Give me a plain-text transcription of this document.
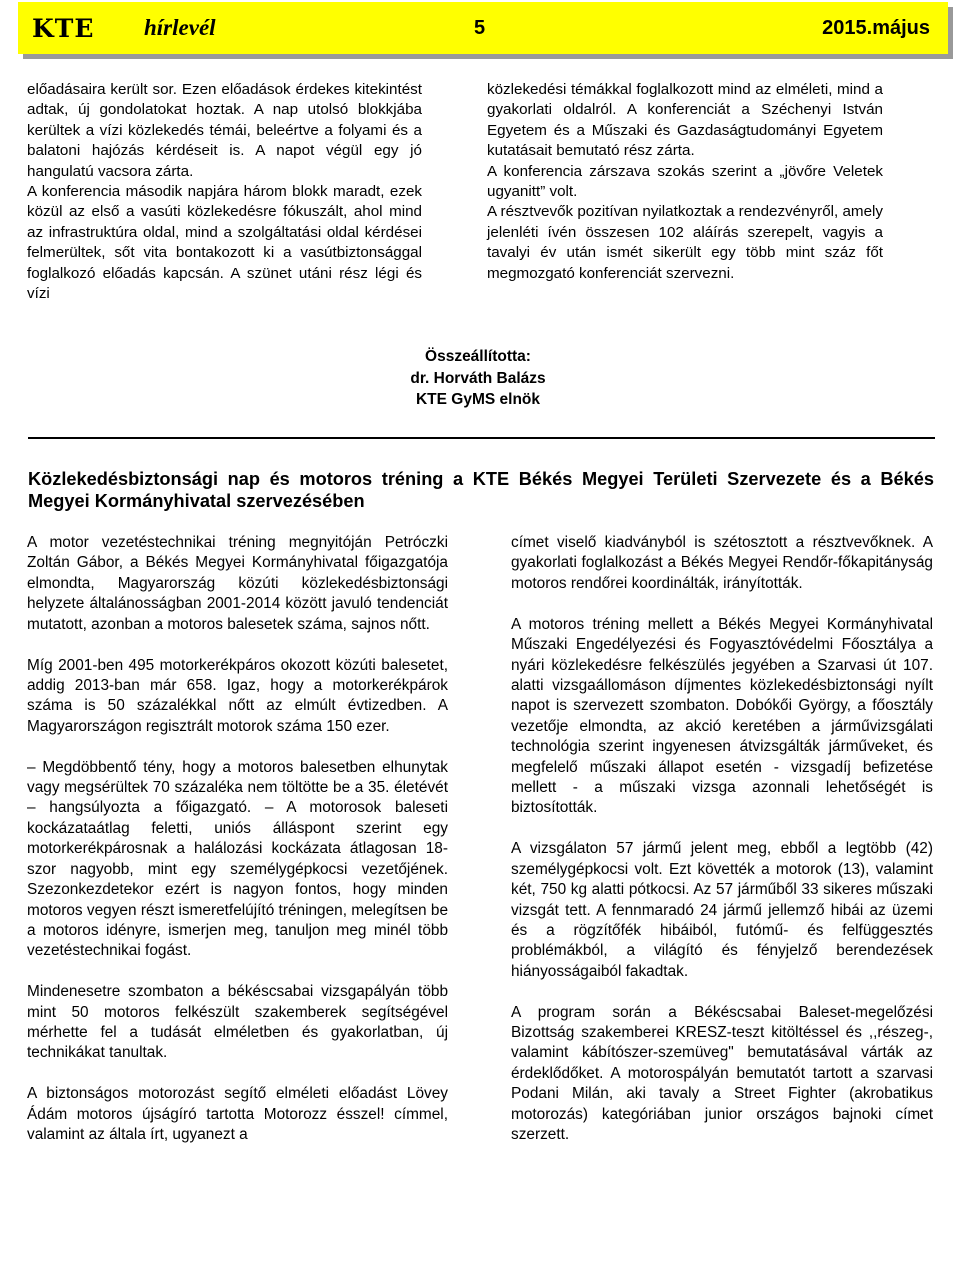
KTE hírlevél	5	2015.május

előadásaira került sor. Ezen előadások érdekes kitekintést adtak, új gondolatokat hoztak. A nap utolsó blokkjába kerültek a vízi közlekedés témái, beleértve a folyami és a balatoni hajózás kérdéseit is. A napot végül egy jó hangulatú vacsora zárta.

A konferencia második napjára három blokk maradt, ezek közül az első a vasúti közlekedésre fókuszált, ahol mind az infrastruktúra oldal, mind a szolgáltatási oldal kérdései felmerültek, sőt vita bontakozott ki a vasútbiztonsággal foglalkozó előadás kapcsán. A szünet utáni rész légi és vízi

közlekedési témákkal foglalkozott mind az elméleti, mind a gyakorlati oldalról. A konferenciát a Széchenyi István Egyetem és a Műszaki és Gazdaságtudományi Egyetem kutatásait bemutató rész zárta.

A konferencia zárszava szokás szerint a „jövőre Veletek ugyanitt” volt.

A résztvevők pozitívan nyilatkoztak a rendezvényről, amely jelenléti ívén összesen 102 aláírás szerepelt, vagyis a tavalyi év után ismét sikerült egy több mint száz főt megmozgató konferenciát szervezni.

Összeállította:
dr. Horváth Balázs
KTE GyMS elnök
Közlekedésbiztonsági nap és motoros tréning a KTE Békés Megyei Területi Szervezete és a Békés Megyei Kormányhivatal szervezésében

A motor vezetéstechnikai tréning megnyitóján Petróczki Zoltán Gábor, a Békés Megyei Kormányhivatal főigazgatója elmondta, Magyarország közúti közlekedésbiztonsági helyzete általánosságban 2001-2014 között javuló tendenciát mutatott, azonban a motoros balesetek száma, sajnos nőtt.

Míg 2001-ben 495 motorkerékpáros okozott közúti balesetet, addig 2013-ban már 658. Igaz, hogy a motorkerékpárok száma is 50 százalékkal nőtt az elmúlt évtizedben. A Magyarországon regisztrált motorok száma 150 ezer.

– Megdöbbentő tény, hogy a motoros balesetben elhunytak vagy megsérültek 70 százaléka nem töltötte be a 35. életévét – hangsúlyozta a főigazgató. – A motorosok baleseti kockázataátlag feletti, uniós álláspont szerint egy motorkerékpárosnak a halálozási kockázata átlagosan 18-szor nagyobb, mint egy személygépkocsi vezetőjének. Szezonkezdetekor ezért is nagyon fontos, hogy minden motoros vegyen részt ismeretfelújító tréningen, melegítsen be a motoros idényre, ismerjen meg, tanuljon meg minél több vezetéstechnikai fogást.

Mindenesetre szombaton a békéscsabai vizsgapályán több mint 50 motoros felkészült szakemberek segítségével mérhette fel a tudását elméletben és gyakorlatban, új technikákat tanultak.

A biztonságos motorozást segítő elméleti előadást Lövey Ádám motoros újságíró tartotta Motorozz ésszel! címmel, valamint az általa írt, ugyanezt a

címet viselő kiadványból is szétosztott a résztvevőknek. A gyakorlati foglalkozást a Békés Megyei Rendőr-főkapitányság motoros rendőrei koordinálták, irányították.

A motoros tréning mellett a Békés Megyei Kormányhivatal Műszaki Engedélyezési és Fogyasztóvédelmi Főosztálya a nyári közlekedésre felkészülés jegyében a Szarvasi út 107. alatti vizsgaállomáson díjmentes közlekedésbiztonsági nyílt napot is szervezett szombaton. Dobókői György, a főosztály vezetője elmondta, az akció keretében a járművizsgálati technológia szerint ingyenesen átvizsgálták járműveket, és megfelelő műszaki állapot esetén - vizsgadíj befizetése mellett - a műszaki vizsga azonnali lehetőségét is biztosították.

A vizsgálaton 57 jármű jelent meg, ebből a legtöbb (42) személygépkocsi volt. Ezt követték a motorok (13), valamint két, 750 kg alatti pótkocsi. Az 57 járműből 33 sikeres műszaki vizsgát tett. A fennmaradó 24 jármű jellemző hibái az üzemi és a rögzítőfék hibáiból, futómű- és felfüggesztés problémákból, a világító és fényjelző berendezések hiányosságaiból fakadtak.

A program során a Békéscsabai Baleset-megelőzési Bizottság szakemberei KRESZ-teszt kitöltéssel és ,,részeg-, valamint kábítószer-szemüveg" bemutatásával várták az érdeklődőket. A motorospályán bemutatót tartott a szarvasi Podani Milán, aki tavaly a Street Fighter (akrobatikus motorozás) kategóriában junior országos bajnoki címet szerzett.
